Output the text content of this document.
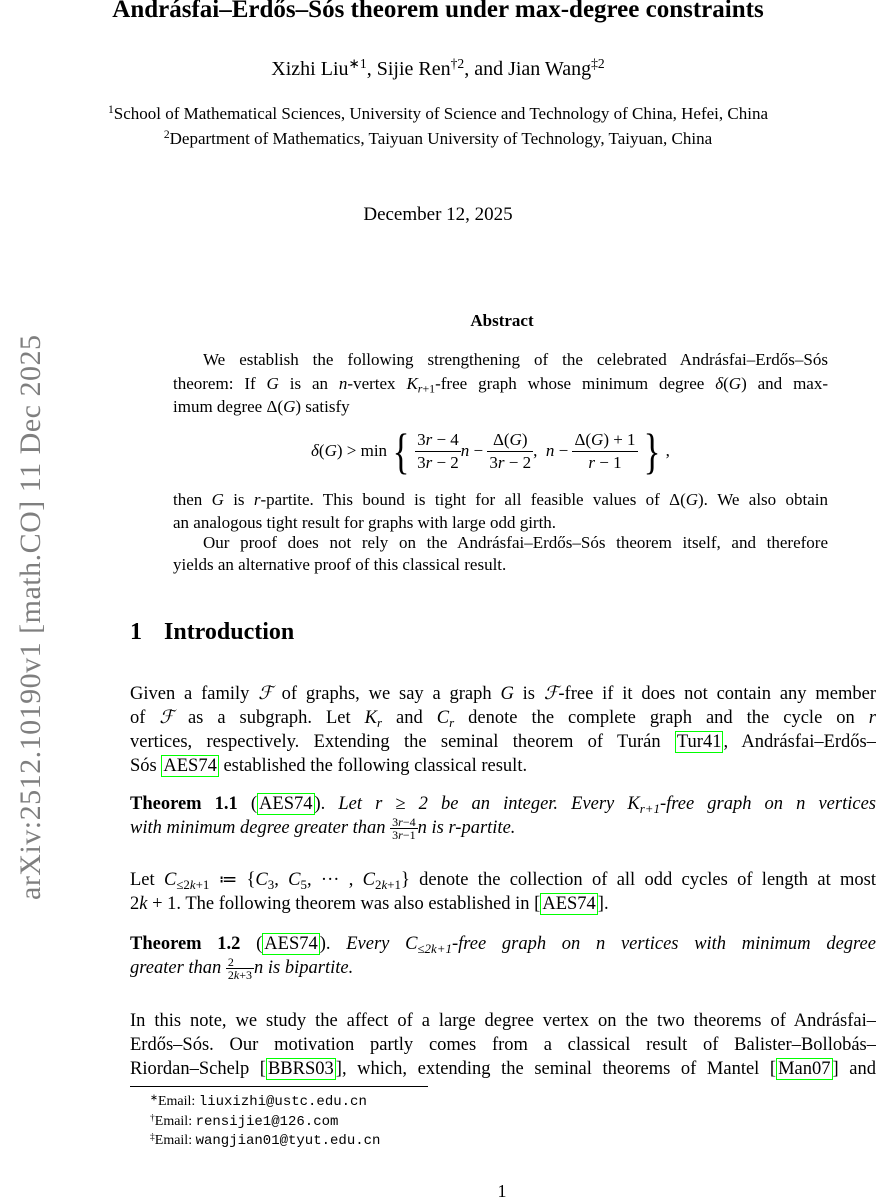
arXiv:2512.10190v1 [math.CO] 11 Dec 2025
Andrásfai–Erdős–Sós theorem under max-degree constraints
Xizhi Liu$^{∗1}$, Sijie Ren$^{\dagger 2}$, and Jian Wang$^{\ddagger 2}$
$^1$School of Mathematical Sciences, University of Science and Technology of China, Hefei, China
$^2$Department of Mathematics, Taiyuan University of Technology, Taiyuan, China
December 12, 2025
Abstract
We establish the following strengthening of the celebrated Andrásfai–Erdős–Sós
theorem: If G is an n-vertex $K_{r+1}$-free graph whose minimum degree δ(G) and max-
imum degree Δ(G) satisfy
δ(G) > min { $\frac{3r - 4}{3r - 2}$ $n - \frac{\Delta(G)}{3r - 2}$ ,  $n - \frac{\Delta(G) + 1}{r - 1}$ } ,
then G is r-partite. This bound is tight for all feasible values of Δ(G). We also obtain
an analogous tight result for graphs with large odd girth.
Our proof does not rely on the Andrásfai–Erdős–Sós theorem itself, and therefore
yields an alternative proof of this classical result.
1 Introduction
Given a family ℱ of graphs, we say a graph G is ℱ-free if it does not contain any member
of ℱ as a subgraph. Let $K_r$ and $C_r$ denote the complete graph and the cycle on r
vertices, respectively. Extending the seminal theorem of Turán Tur41 , Andrásfai–Erdős–
Sós AES74 established the following classical result.
Theorem 1.1 ( AES74 ). Let r ≥ 2 be an integer. Every $K_{r+1}$-free graph on n vertices
with minimum degree greater than $\frac{3r-4}{3r-1}$ n is r-partite.
Let $C_{\le 2k+1}$ ≔ {$C_3$, $C_5$, ··· , $C_{2k+1}$} denote the collection of all odd cycles of length at most
2k + 1. The following theorem was also established in [ AES74 ].
Theorem 1.2 ( AES74 ). Every $C_{\le 2k+1}$-free graph on n vertices with minimum degree
greater than $\frac{2}{2k+3}$ n is bipartite.
In this note, we study the affect of a large degree vertex on the two theorems of Andrásfai–
Erdős–Sós. Our motivation partly comes from a classical result of Balister–Bollobás–
Riordan–Schelp [ BBRS03 ], which, extending the seminal theorems of Mantel [ Man07 ] and
∗Email: liuxizhi@ustc.edu.cn
†Email: rensijie1@126.com
‡Email: wangjian01@tyut.edu.cn
1
